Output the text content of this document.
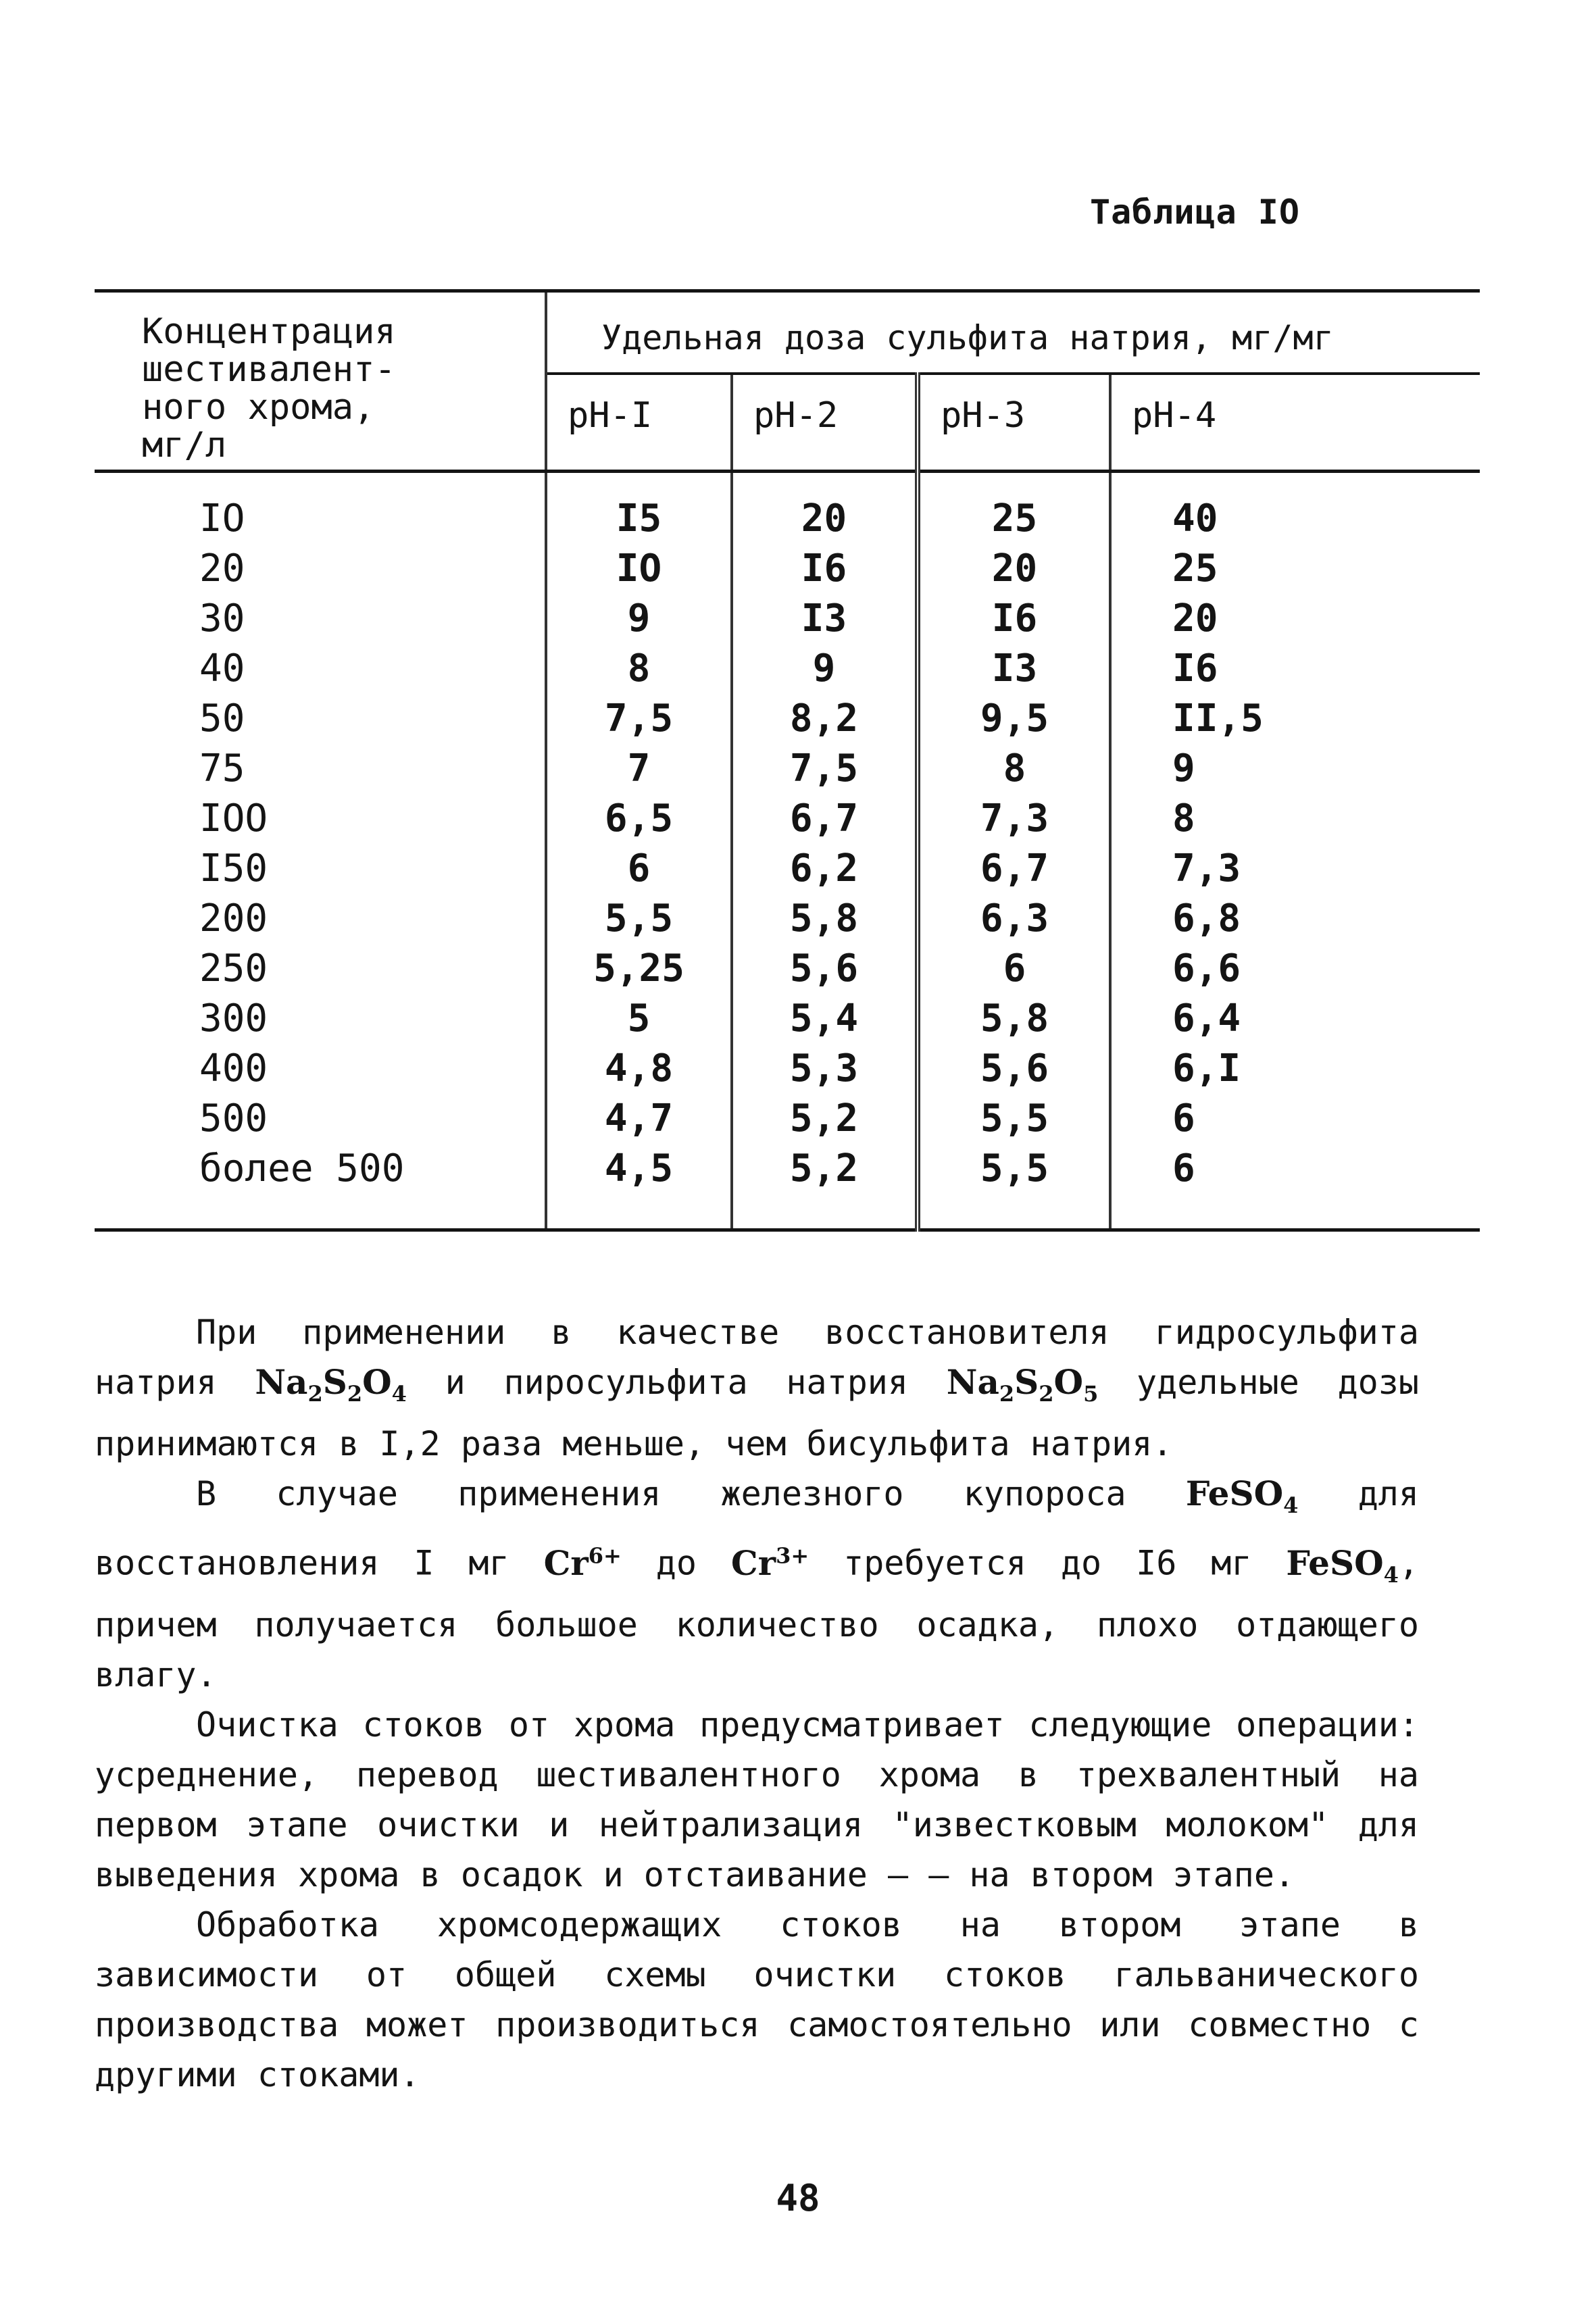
Таблица IO
Концентрация
шестивалент-
ного хрома,
мг/л	Удельная доза сульфита натрия, мг/мг			
	рН-I	рН-2	рН-3	рН-4
IO	I5	20	25	40
20	IO	I6	20	25
30	9	I3	I6	20
40	8	9	I3	I6
50	7,5	8,2	9,5	II,5
75	7	7,5	8	9
IOO	6,5	6,7	7,3	8
I50	6	6,2	6,7	7,3
200	5,5	5,8	6,3	6,8
250	5,25	5,6	6	6,6
300	5	5,4	5,8	6,4
400	4,8	5,3	5,6	6,I
500	4,7	5,2	5,5	6
более 500	4,5	5,2	5,5	6

При применении в качестве восстановителя гидросульфита натрия $Na_2S_2O_4$ и пиросульфита натрия $Na_2S_2O_5$ удельные дозы принимаются в I,2 раза меньше, чем бисульфита натрия.

В случае применения железного купороса FeSO$_4$ для восстановления I мг $Cr^{6+}$ до $Cr^{3+}$ требуется до I6 мг FeSO$_4$, причем получается большое количество осадка, плохо отдающего влагу.

Очистка стоков от хрома предусматривает следующие операции: усреднение, перевод шестивалентного хрома в трехвалентный на первом этапе очистки и нейтрализация "известковым молоком" для выведения хрома в осадок и отстаивание – – на втором этапе.

Обработка хромсодержащих стоков на втором этапе в зависимости от общей схемы очистки стоков гальванического производства может производиться самостоятельно или совместно с другими стоками.

48
